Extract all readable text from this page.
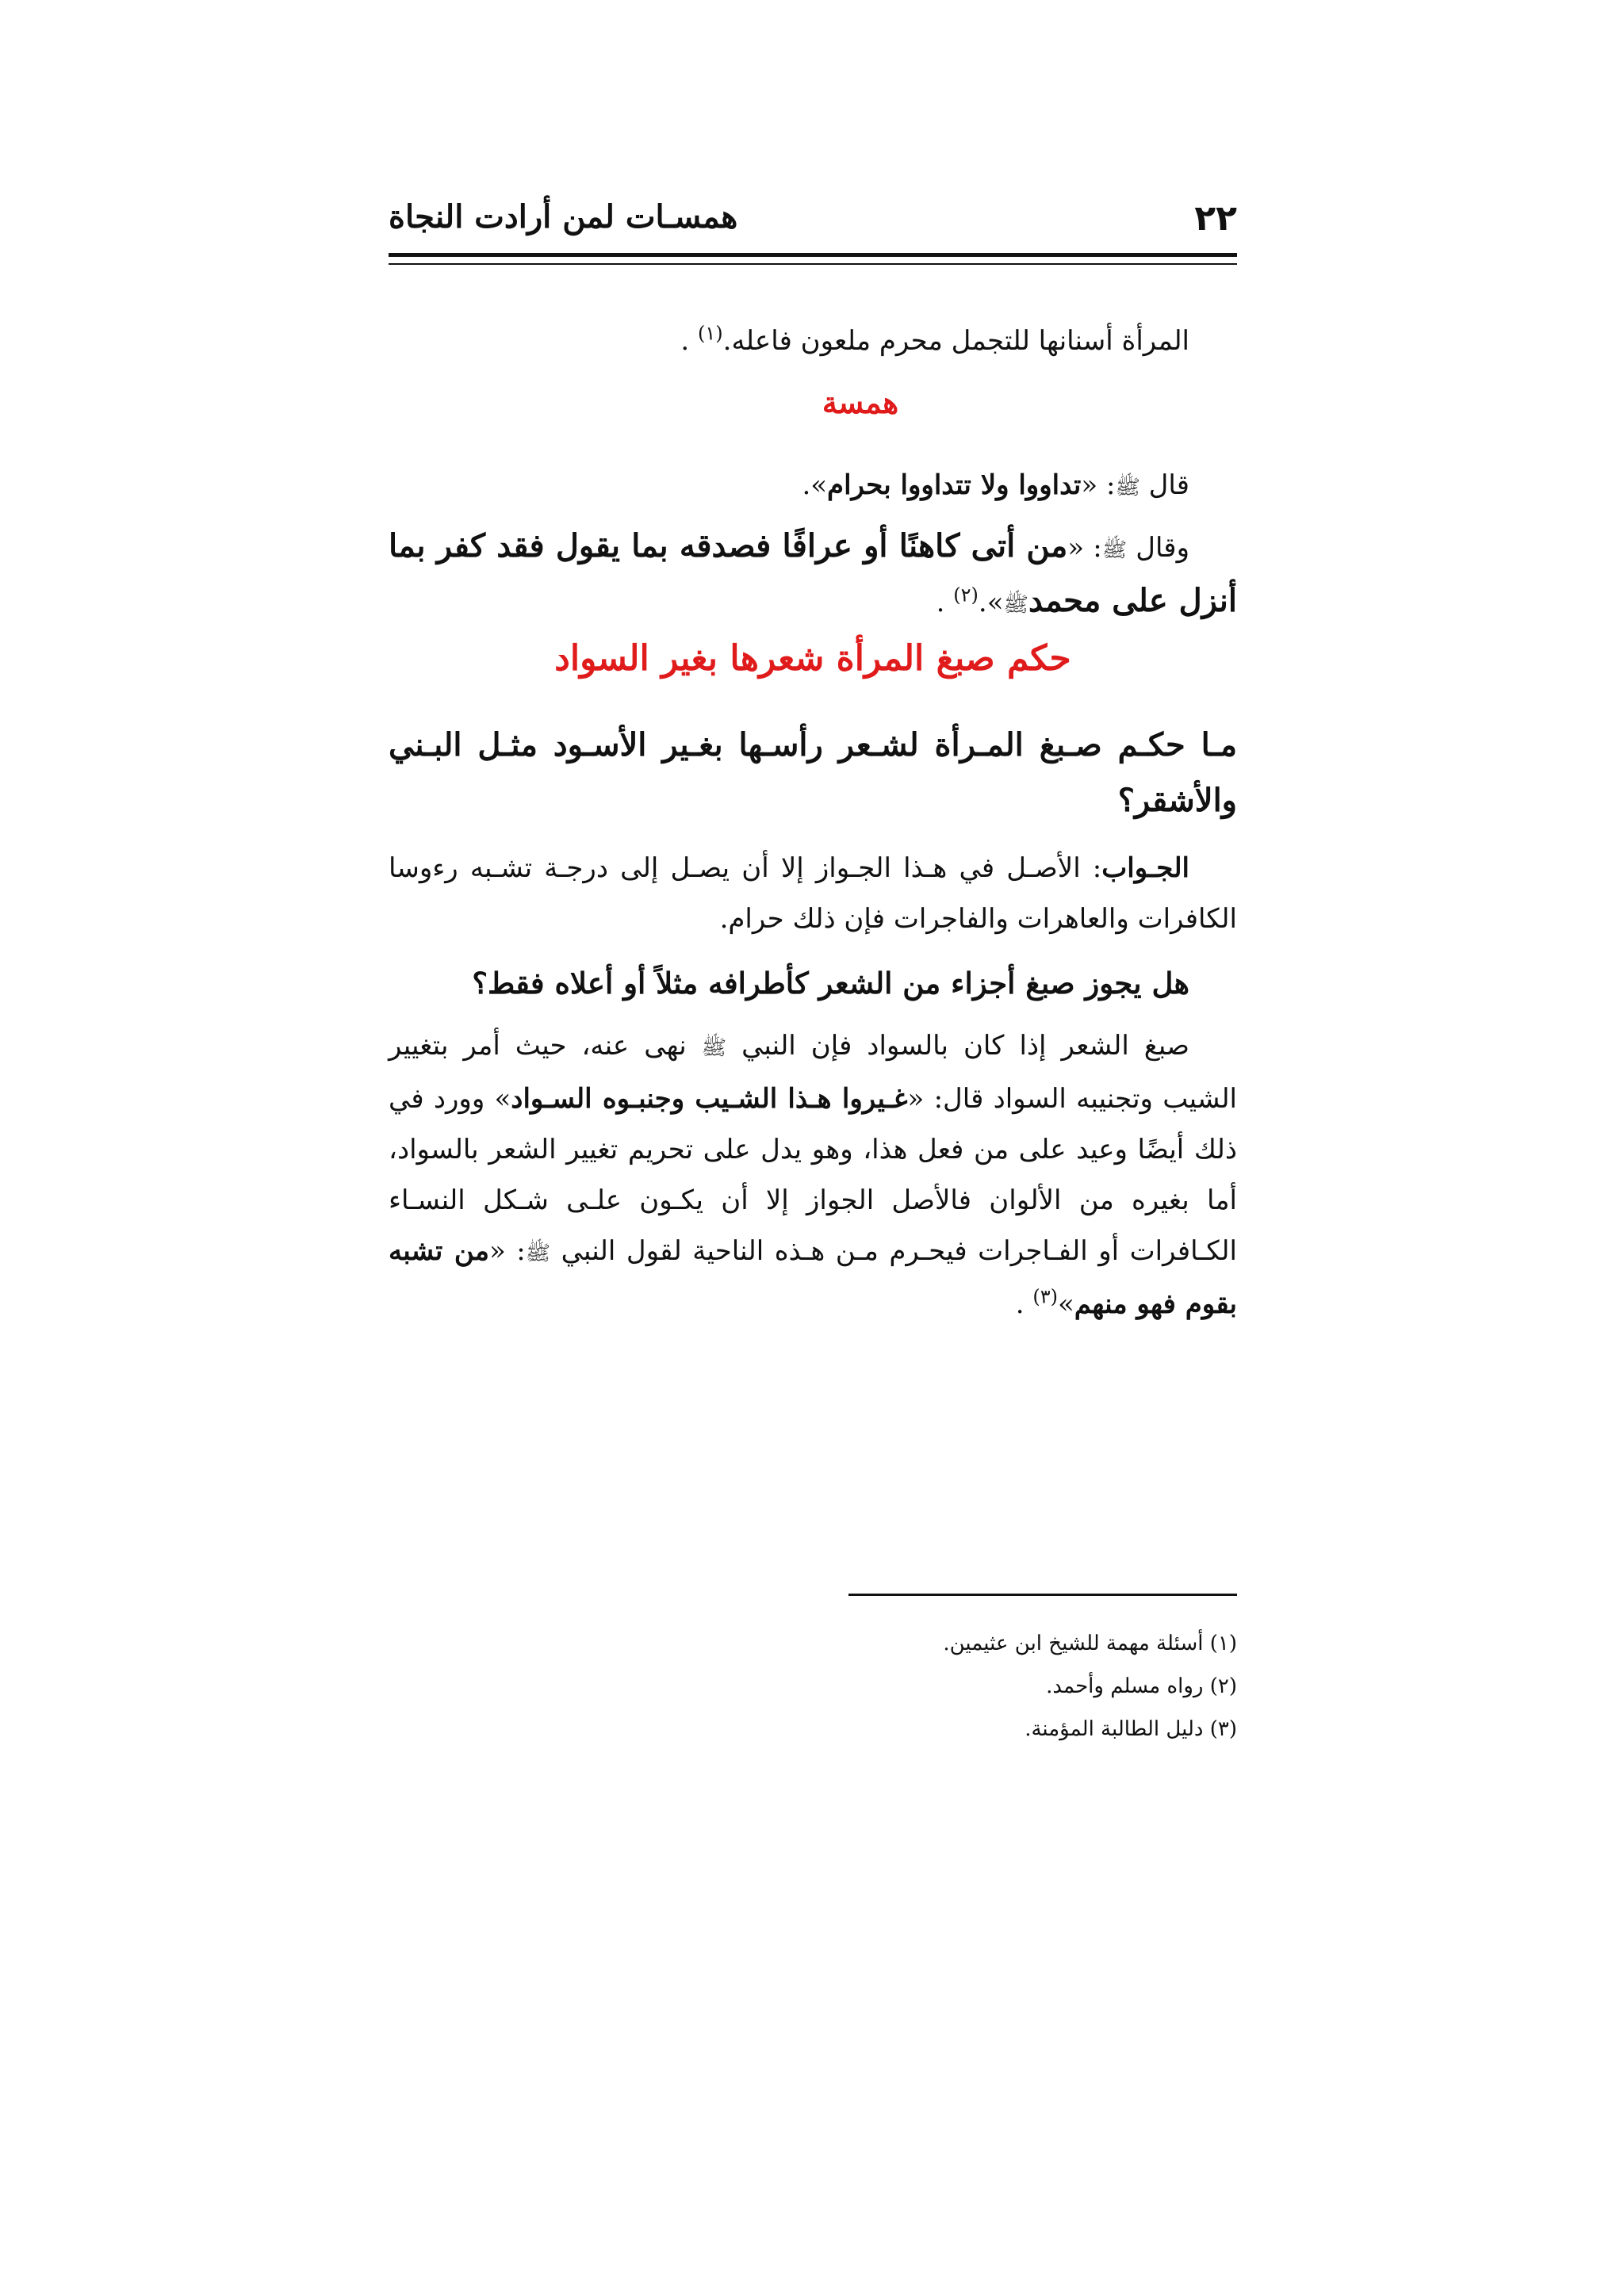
٢٢
همسـات لمن أرادت النجاة

المرأة أسنانها للتجمل محرم ملعون فاعله.$^{(١)}$ .

همسة

قال ﷺ: «تداووا ولا تتداووا بحرام».

وقال ﷺ: «من أتى كاهنًا أو عرافًا فصدقه بما يقول فقد كفر بما أنزل على محمدﷺ».$^{(٢)}$ .

حكم صبغ المرأة شعرها بغير السواد

مـا حكـم صـبغ المـرأة لشـعر رأسـها بغـير الأسـود مثـل البـني والأشقر؟

الجـواب: الأصـل في هـذا الجـواز إلا أن يصـل إلى درجـة تشـبه رءوسا الكافرات والعاهرات والفاجرات فإن ذلك حرام.

هل يجوز صبغ أجزاء من الشعر كأطرافه مثلاً أو أعلاه فقط؟

صبغ الشعر إذا كان بالسواد فإن النبي ﷺ نهى عنه، حيث أمر بتغيير الشيب وتجنيبه السواد قال: «غـيروا هـذا الشـيب وجنبـوه السـواد» وورد في ذلك أيضًا وعيد على من فعل هذا، وهو يدل على تحريم تغيير الشعر بالسواد، أما بغيره من الألوان فالأصل الجواز إلا أن يكـون علـى شـكل النسـاء الكـافرات أو الفـاجرات فيحـرم مـن هـذه الناحية لقول النبي ﷺ: «من تشبه بقوم فهو منهم»$^{(٣)}$ .

(١) أسئلة مهمة للشيخ ابن عثيمين.
(٢) رواه مسلم وأحمد.
(٣) دليل الطالبة المؤمنة.
